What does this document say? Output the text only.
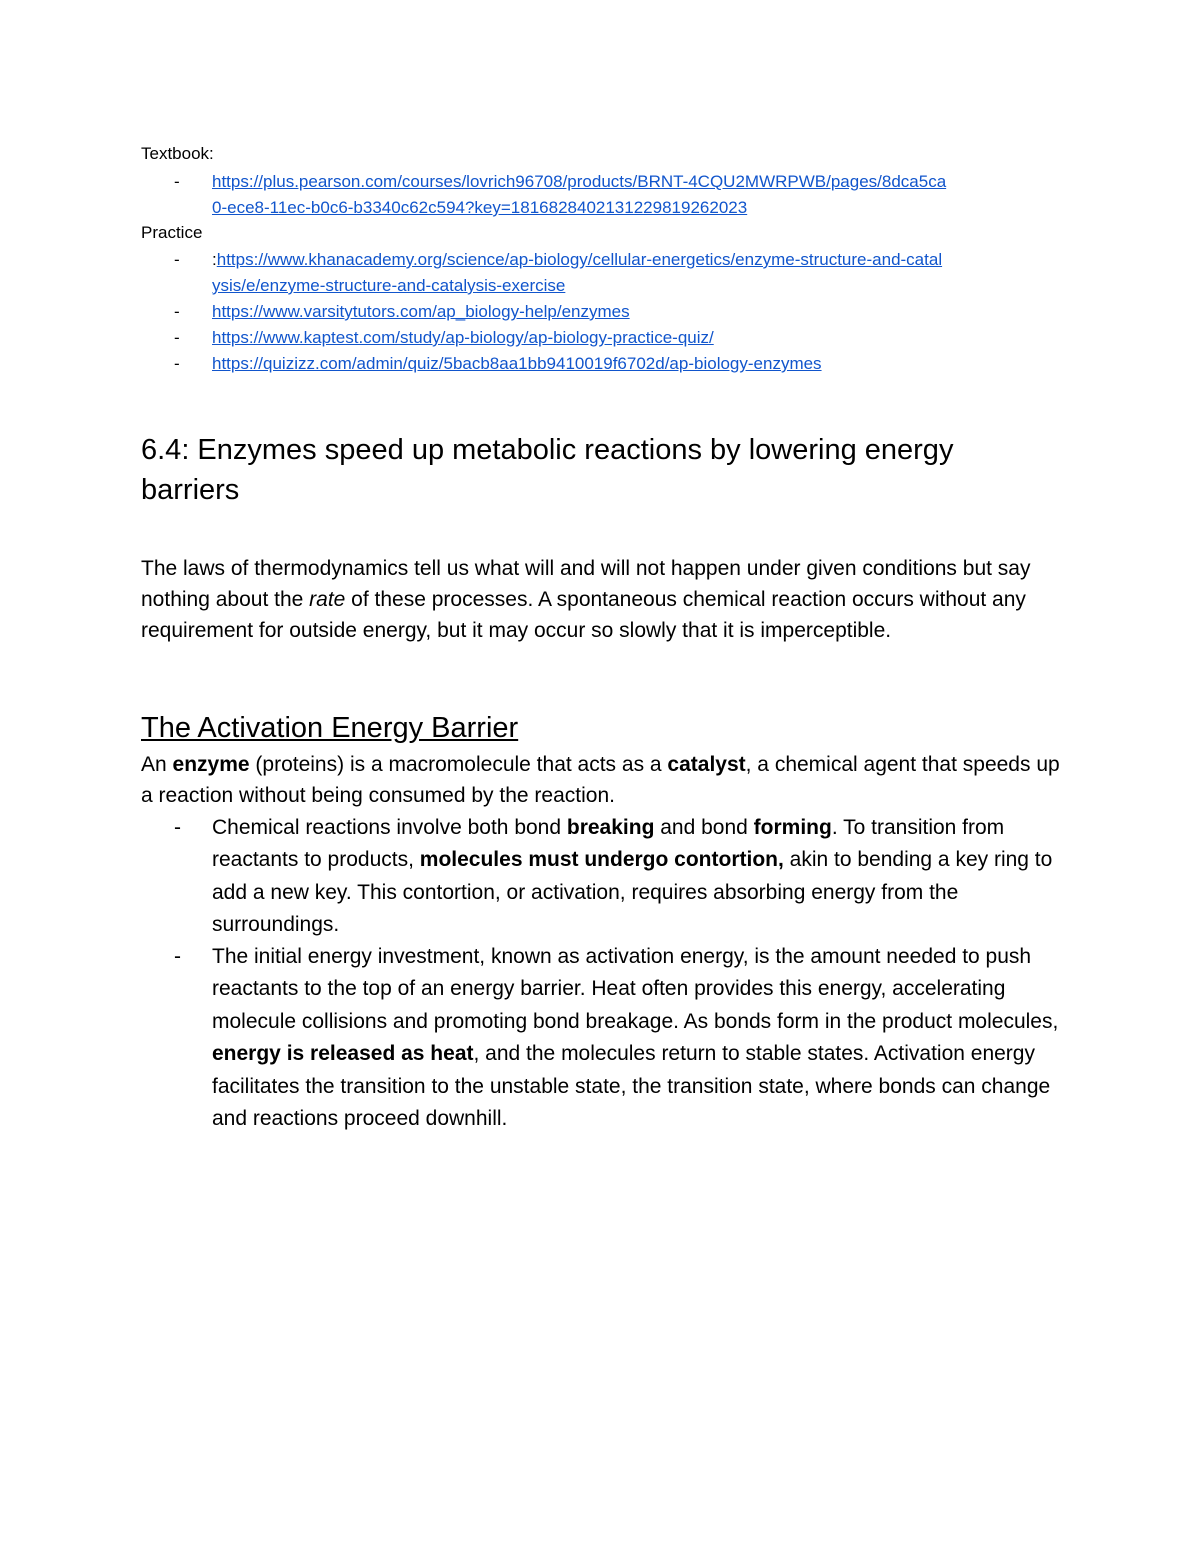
Textbook:
- https://plus.pearson.com/courses/lovrich96708/products/BRNT-4CQU2MWRPWB/pages/8dca5ca
0-ece8-11ec-b0c6-b3340c62c594?key=18168284021312298192620​23
Practice
- :https://www.khanacademy.org/science/ap-biology/cellular-energetics/enzyme-structure-and-catal
ysis/e/enzyme-structure-and-catalysis-exercise
- https://www.varsitytutors.com/ap_biology-help/enzymes
- https://www.kaptest.com/study/ap-biology/ap-biology-practice-quiz/
- https://quizizz.com/admin/quiz/5bacb8aa1bb9410019f6702d/ap-biology-enzymes
6.4: Enzymes speed up metabolic reactions by lowering energy barriers

The laws of thermodynamics tell us what will and will not happen under given conditions but say nothing about the rate of these processes. A spontaneous chemical reaction occurs without any requirement for outside energy, but it may occur so slowly that it is imperceptible.

The Activation Energy Barrier

An enzyme (proteins) is a macromolecule that acts as a catalyst, a chemical agent that speeds up a reaction without being consumed by the reaction.

- Chemical reactions involve both bond breaking and bond forming. To transition from reactants to products, molecules must undergo contortion, akin to bending a key ring to add a new key. This contortion, or activation, requires absorbing energy from the surroundings.

- The initial energy investment, known as activation energy, is the amount needed to push reactants to the top of an energy barrier. Heat often provides this energy, accelerating molecule collisions and promoting bond breakage. As bonds form in the product molecules, energy is released as heat, and the molecules return to stable states. Activation energy facilitates the transition to the unstable state, the transition state, where bonds can change and reactions proceed downhill.
